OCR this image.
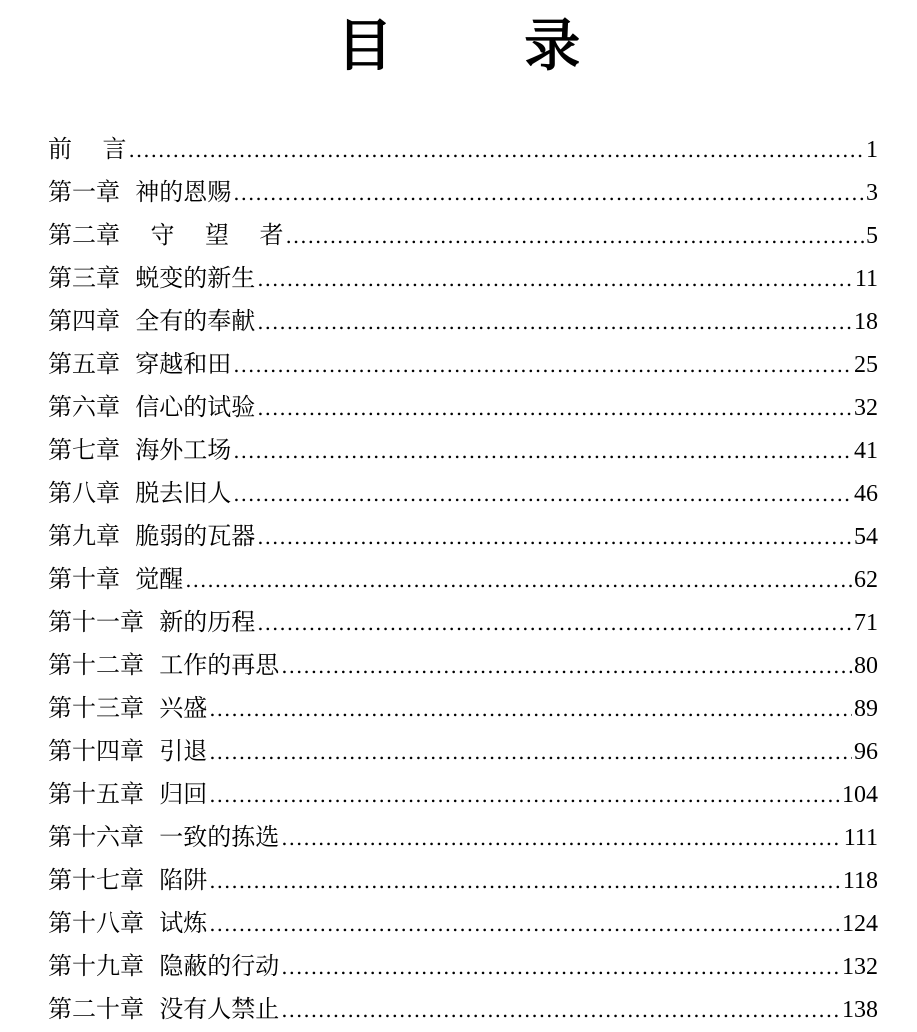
目 录
前    言 .....	1
第一章  神的恩赐 .....	3
第二章    守    望    者 .....	5
第三章  蜕变的新生 .....	11
第四章  全有的奉献 .....	18
第五章  穿越和田 .....	25
第六章  信心的试验 .....	32
第七章  海外工场 .....	41
第八章  脱去旧人 .....	46
第九章  脆弱的瓦器 .....	54
第十章  觉醒 .....	62
第十一章  新的历程 .....	71
第十二章  工作的再思 .....	80
第十三章  兴盛 .....	89
第十四章  引退 .....	96
第十五章  归回 .....	104
第十六章  一致的拣选 .....	111
第十七章  陷阱 .....	118
第十八章  试炼 .....	124
第十九章  隐蔽的行动 .....	132
第二十章  没有人禁止 .....	138
